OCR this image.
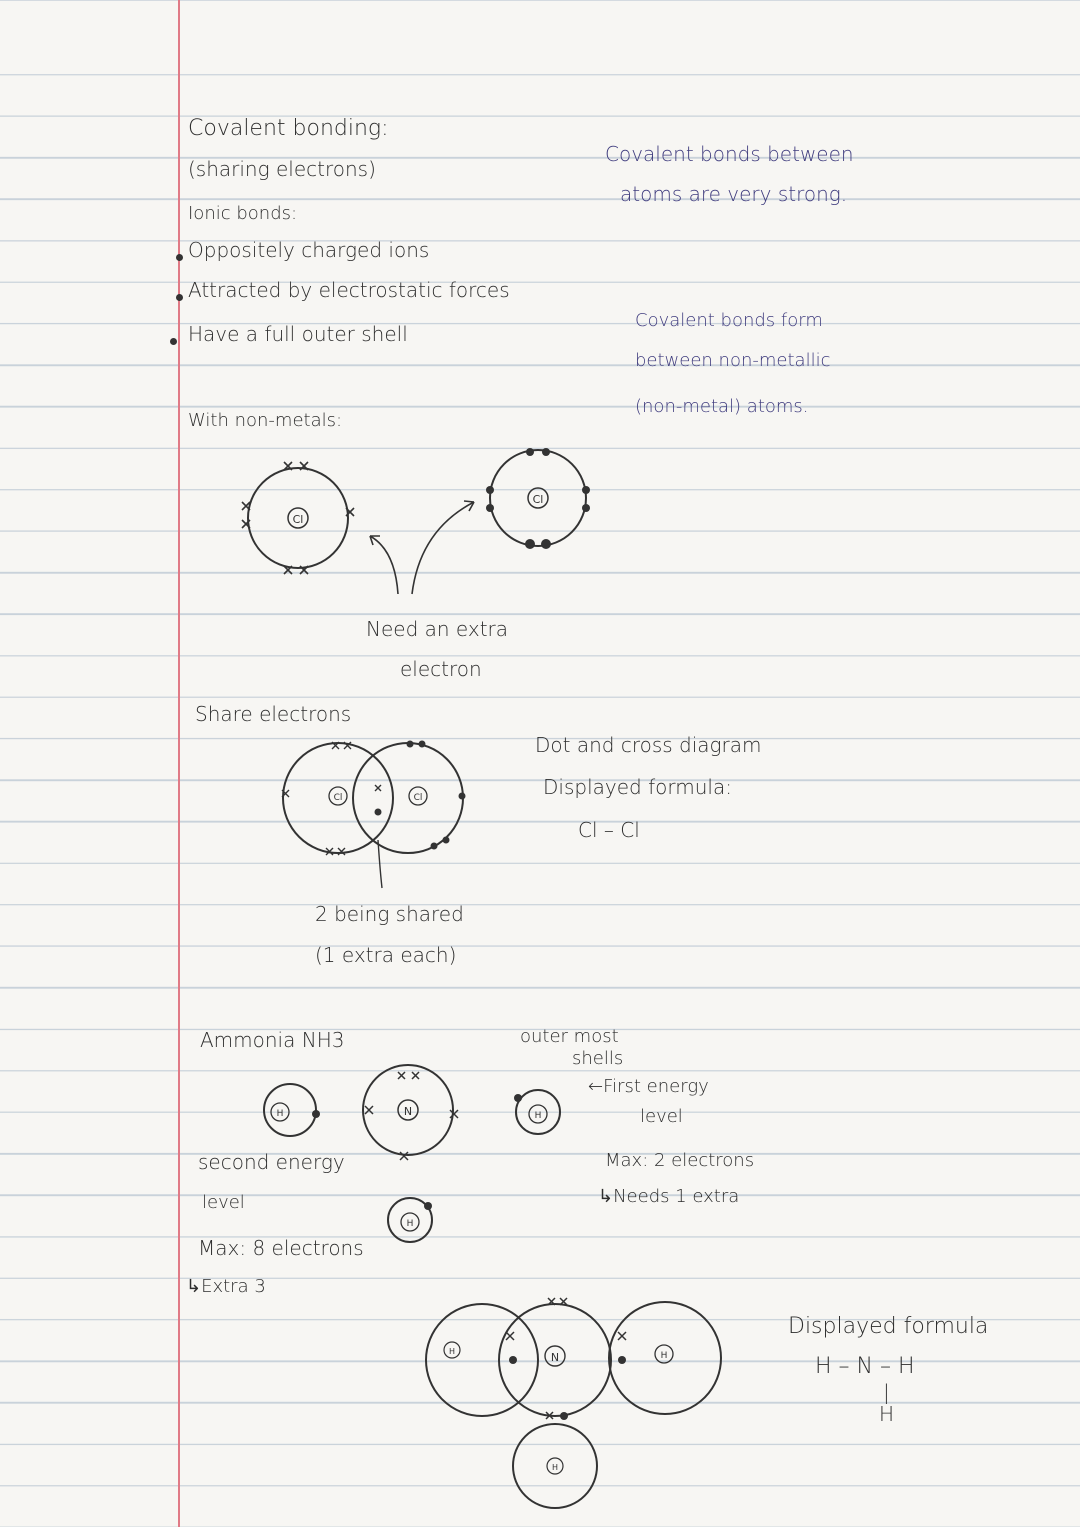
Covalent bonding:
(sharing electrons)
Ionic bonds:
Oppositely charged ions
Attracted by electrostatic forces
Have a full outer shell
With non-metals:
Covalent bonds between
atoms are very strong.
Covalent bonds form
between non-metallic
(non-metal) atoms.
Cl
Cl
Need an extra
electron
Share electrons
Cl	Cl
Dot and cross diagram
Displayed formula:
Cl – Cl
2 being shared
(1 extra each)
Ammonia NH3	outer most
shells
H	N	H
H
←First energy
level
second energy
level
Max: 8 electrons
↳Extra 3
Max: 2 electrons
↳Needs 1 extra
H	N	H
H
Displayed formula
H – N – H
|
H
